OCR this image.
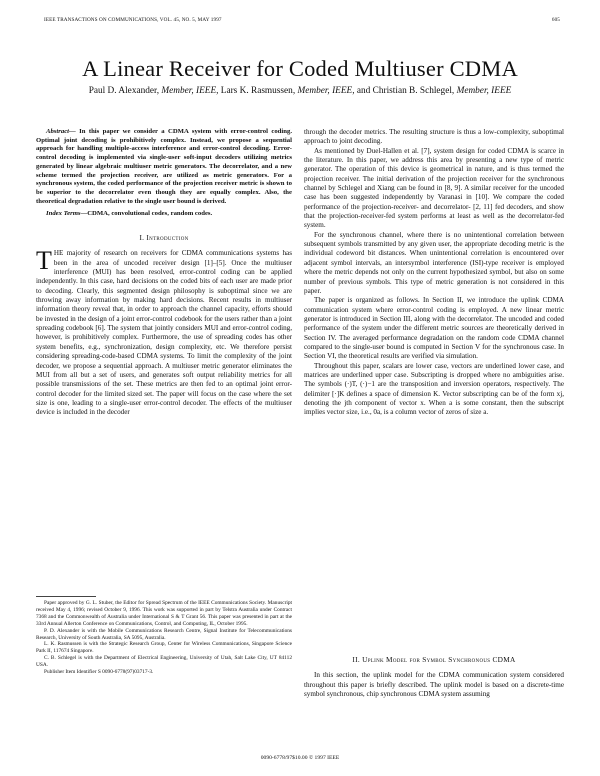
IEEE TRANSACTIONS ON COMMUNICATIONS, VOL. 45, NO. 5, MAY 1997	605
A Linear Receiver for Coded Multiuser CDMA
Paul D. Alexander, Member, IEEE, Lars K. Rasmussen, Member, IEEE, and Christian B. Schlegel, Member, IEEE

Abstract— In this paper we consider a CDMA system with error-control coding. Optimal joint decoding is prohibitively complex. Instead, we propose a sequential approach for handling multiple-access interference and error-control decoding. Error-control decoding is implemented via single-user soft-input decoders utilizing metrics generated by linear algebraic multiuser metric generators. The decorrelator, and a new scheme termed the projection receiver, are utilized as metric generators. For a synchronous system, the coded performance of the projection receiver metric is shown to be superior to the decorrelator even though they are equally complex. Also, the theoretical degradation relative to the single user bound is derived.

Index Terms—CDMA, convolutional codes, random codes.

I. Introduction

THE majority of research on receivers for CDMA communications systems has been in the area of uncoded receiver design [1]–[5]. Once the multiuser interference (MUI) has been resolved, error-control coding can be applied independently. In this case, hard decisions on the coded bits of each user are made prior to decoding. Clearly, this segmented design philosophy is suboptimal since we are throwing away information by making hard decisions. Recent results in multiuser information theory reveal that, in order to approach the channel capacity, efforts should be invested in the design of a joint error-control codebook for the users rather than a joint spreading codebook [6]. The system that jointly considers MUI and error-control coding, however, is prohibitively complex. Furthermore, the use of spreading codes has other system benefits, e.g., synchronization, design complexity, etc. We therefore persist considering spreading-code-based CDMA systems. To limit the complexity of the joint decoder, we propose a sequential approach. A multiuser metric generator eliminates the MUI from all but a set of users, and generates soft output reliability metrics for all possible transmissions of the set. These metrics are then fed to an optimal joint error-control decoder for the limited sized set. The paper will focus on the case where the set size is one, leading to a single-user error-control decoder. The effects of the multiuser device is included in the decoder

Paper approved by G. L. Stuber, the Editor for Spread Spectrum of the IEEE Communications Society. Manuscript received May 4, 1996; revised October 9, 1996. This work was supported in part by Telstra Australia under Contract 7368 and the Commonwealth of Australia under International S & T Grant 56. This paper was presented in part at the 33rd Annual Allerton Conference on Communications, Control, and Computing, IL, October 1995.

P. D. Alexander is with the Mobile Communications Research Centre, Signal Institute for Telecommunications Research, University of South Australia, SA 5095, Australia.

L. K. Rasmussen is with the Strategic Research Group, Center for Wireless Communications, Singapore Science Park II, 117674 Singapore.

C. B. Schlegel is with the Department of Electrical Engineering, University of Utah, Salt Lake City, UT 84112 USA.

Publisher Item Identifier S 0090-6778(97)03717-3.

through the decoder metrics. The resulting structure is thus a low-complexity, suboptimal approach to joint decoding.

As mentioned by Duel-Hallen et al. [7], system design for coded CDMA is scarce in the literature. In this paper, we address this area by presenting a new type of metric generator. The operation of this device is geometrical in nature, and is thus termed the projection receiver. The initial derivation of the projection receiver for the synchronous channel by Schlegel and Xiang can be found in [8, 9]. A similar receiver for the uncoded case has been suggested independently by Varanasi in [10]. We compare the coded performance of the projection-receiver- and decorrelator- [2, 11] fed decoders, and show that the projection-receiver-fed system performs at least as well as the decorrelator-fed system.

For the synchronous channel, where there is no unintentional correlation between subsequent symbols transmitted by any given user, the appropriate decoding metric is the individual codeword bit distances. When unintentional correlation is encountered over adjacent symbol intervals, an intersymbol interference (ISI)-type receiver is employed where the metric depends not only on the current hypothesized symbol, but also on some number of previous symbols. This type of metric generation is not considered in this paper.

The paper is organized as follows. In Section II, we introduce the uplink CDMA communication system where error-control coding is employed. A new linear metric generator is introduced in Section III, along with the decorrelator. The uncoded and coded performance of the system under the different metric sources are theoretically derived in Section IV. The averaged performance degradation on the random code CDMA channel compared to the single-user bound is computed in Section V for the synchronous case. In Section VI, the theoretical results are verified via simulation.

Throughout this paper, scalars are lower case, vectors are underlined lower case, and matrices are underlined upper case. Subscripting is dropped where no ambiguities arise. The symbols (·)T, (·)−1 are the transposition and inversion operators, respectively. The delimiter [·]K defines a space of dimension K. Vector subscripting can be of the form xj, denoting the jth component of vector x. When a is some constant, then the subscript implies vector size, i.e., 0a, is a column vector of zeros of size a.

II. Uplink Model for Symbol Synchronous CDMA

In this section, the uplink model for the CDMA communication system considered throughout this paper is briefly described. The uplink model is based on a discrete-time symbol synchronous, chip synchronous CDMA system assuming

0090-6778/97$10.00 © 1997 IEEE
